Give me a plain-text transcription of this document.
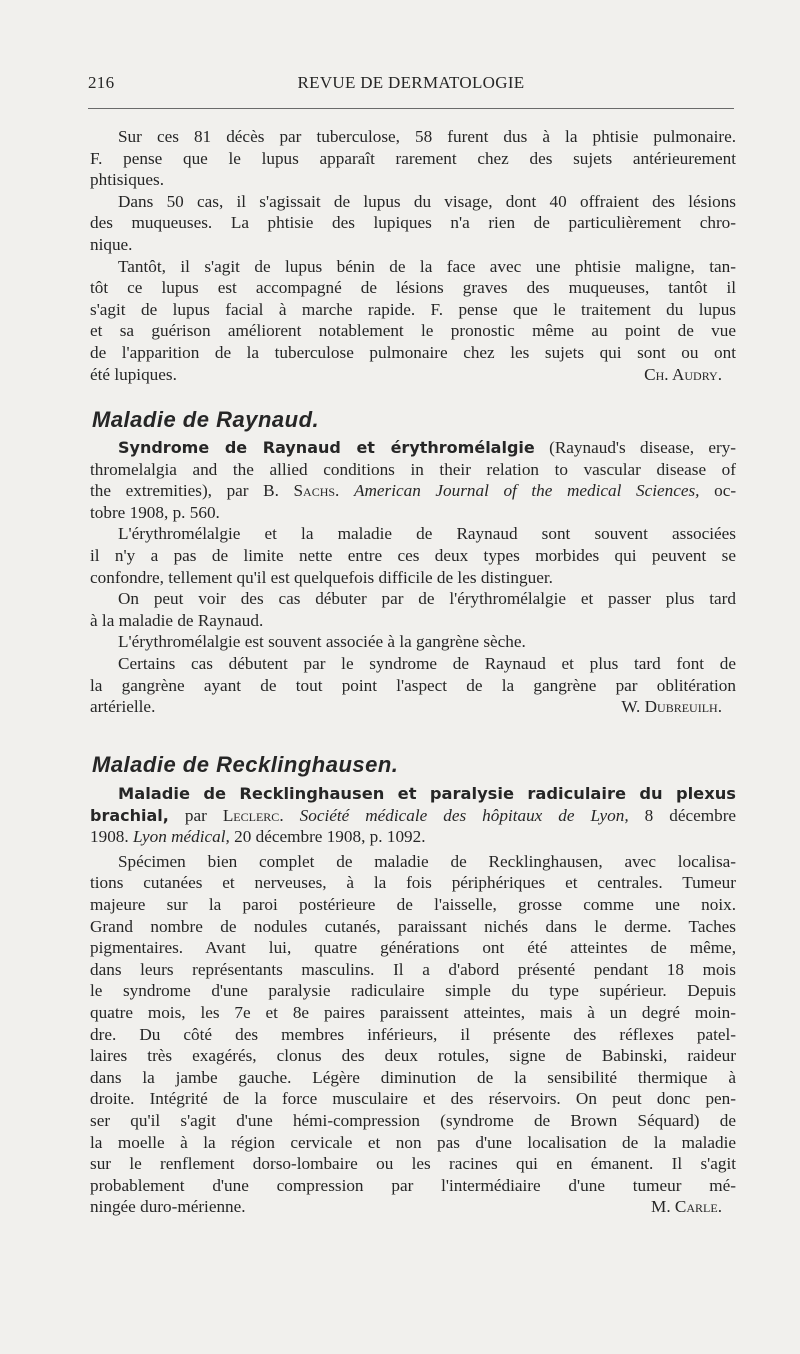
216	REVUE DE DERMATOLOGIE
Sur ces 81 décès par tuberculose, 58 furent dus à la phtisie pulmonaire.
F. pense que le lupus apparaît rarement chez des sujets antérieurement
phtisiques.
Dans 50 cas, il s'agissait de lupus du visage, dont 40 offraient des lésions
des muqueuses. La phtisie des lupiques n'a rien de particulièrement chro-
nique.
Tantôt, il s'agit de lupus bénin de la face avec une phtisie maligne, tan-
tôt ce lupus est accompagné de lésions graves des muqueuses, tantôt il
s'agit de lupus facial à marche rapide. F. pense que le traitement du lupus
et sa guérison améliorent notablement le pronostic même au point de vue
de l'apparition de la tuberculose pulmonaire chez les sujets qui sont ou ont
été lupiques.	Ch. Audry.
Maladie de Raynaud.
Syndrome de Raynaud et érythromélalgie (Raynaud's disease, ery-
thromelalgia and the allied conditions in their relation to vascular disease of
the extremities), par B. Sachs. American Journal of the medical Sciences, oc-
tobre 1908, p. 560.
L'érythromélalgie et la maladie de Raynaud sont souvent associées
il n'y a pas de limite nette entre ces deux types morbides qui peuvent se
confondre, tellement qu'il est quelquefois difficile de les distinguer.
On peut voir des cas débuter par de l'érythromélalgie et passer plus tard
à la maladie de Raynaud.
L'érythromélalgie est souvent associée à la gangrène sèche.
Certains cas débutent par le syndrome de Raynaud et plus tard font de
la gangrène ayant de tout point l'aspect de la gangrène par oblitération
artérielle.	W. Dubreuilh.
Maladie de Recklinghausen.
Maladie de Recklinghausen et paralysie radiculaire du plexus
brachial, par Leclerc. Société médicale des hôpitaux de Lyon, 8 décembre
1908. Lyon médical, 20 décembre 1908, p. 1092.
Spécimen bien complet de maladie de Recklinghausen, avec localisa-
tions cutanées et nerveuses, à la fois périphériques et centrales. Tumeur
majeure sur la paroi postérieure de l'aisselle, grosse comme une noix.
Grand nombre de nodules cutanés, paraissant nichés dans le derme. Taches
pigmentaires. Avant lui, quatre générations ont été atteintes de même,
dans leurs représentants masculins. Il a d'abord présenté pendant 18 mois
le syndrome d'une paralysie radiculaire simple du type supérieur. Depuis
quatre mois, les 7e et 8e paires paraissent atteintes, mais à un degré moin-
dre. Du côté des membres inférieurs, il présente des réflexes patel-
laires très exagérés, clonus des deux rotules, signe de Babinski, raideur
dans la jambe gauche. Légère diminution de la sensibilité thermique à
droite. Intégrité de la force musculaire et des réservoirs. On peut donc pen-
ser qu'il s'agit d'une hémi-compression (syndrome de Brown Séquard) de
la moelle à la région cervicale et non pas d'une localisation de la maladie
sur le renflement dorso-lombaire ou les racines qui en émanent. Il s'agit
probablement d'une compression par l'intermédiaire d'une tumeur mé-
ningée duro-mérienne.	M. Carle.
